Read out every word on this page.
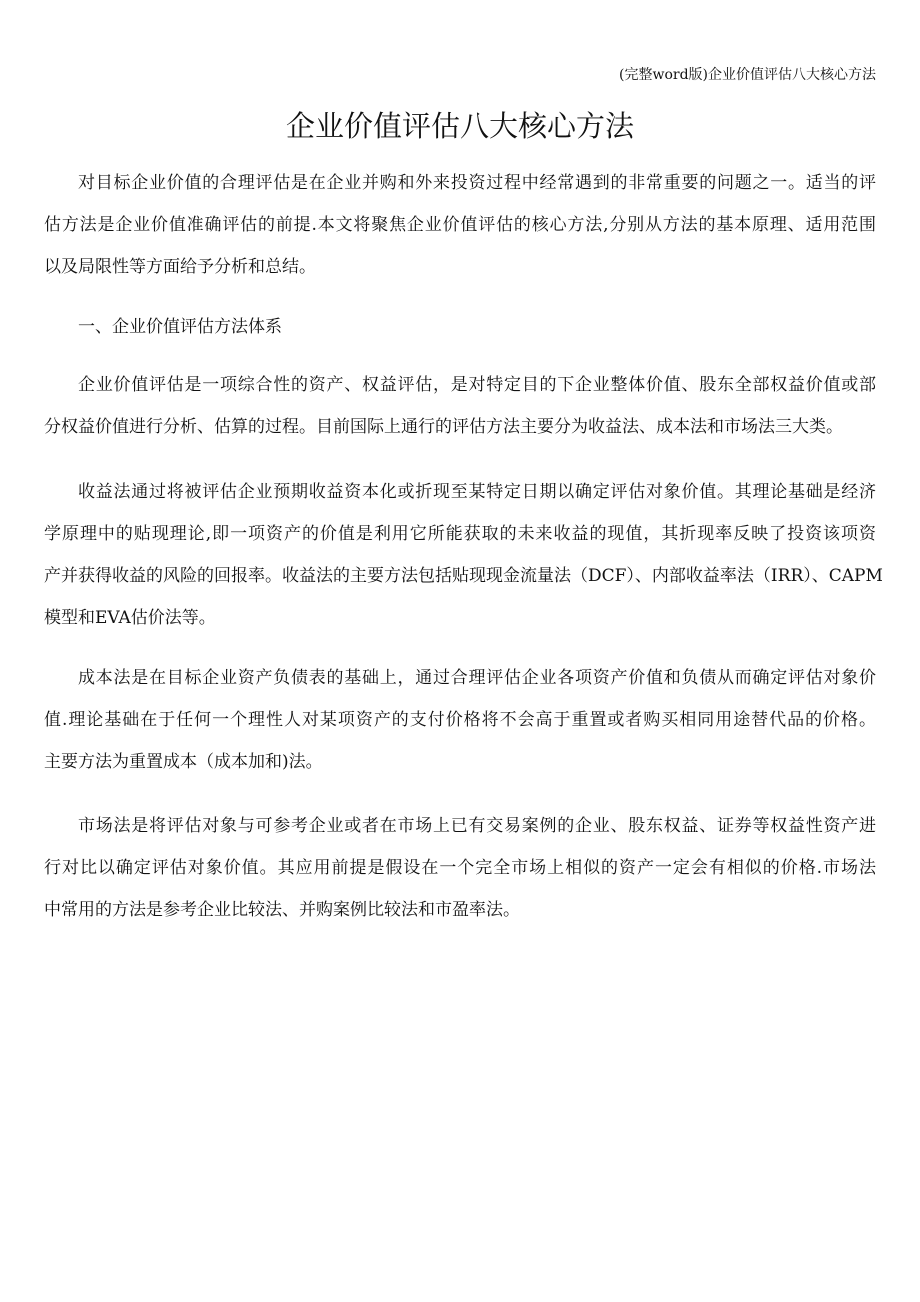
(完整word版)企业价值评估八大核心方法
企业价值评估八大核心方法
对目标企业价值的合理评估是在企业并购和外来投资过程中经常遇到的非常重要的问题之一。适当的评
估方法是企业价值准确评估的前提.本文将聚焦企业价值评估的核心方法,分别从方法的基本原理、适用范围
以及局限性等方面给予分析和总结。
一、企业价值评估方法体系
企业价值评估是一项综合性的资产、权益评估，是对特定目的下企业整体价值、股东全部权益价值或部
分权益价值进行分析、估算的过程。目前国际上通行的评估方法主要分为收益法、成本法和市场法三大类。
收益法通过将被评估企业预期收益资本化或折现至某特定日期以确定评估对象价值。其理论基础是经济
学原理中的贴现理论,即一项资产的价值是利用它所能获取的未来收益的现值，其折现率反映了投资该项资
产并获得收益的风险的回报率。收益法的主要方法包括贴现现金流量法（DCF）、内部收益率法（IRR）、CAPM
模型和EVA估价法等。
成本法是在目标企业资产负债表的基础上，通过合理评估企业各项资产价值和负债从而确定评估对象价
值.理论基础在于任何一个理性人对某项资产的支付价格将不会高于重置或者购买相同用途替代品的价格。
主要方法为重置成本（成本加和)法。
市场法是将评估对象与可参考企业或者在市场上已有交易案例的企业、股东权益、证券等权益性资产进
行对比以确定评估对象价值。其应用前提是假设在一个完全市场上相似的资产一定会有相似的价格.市场法
中常用的方法是参考企业比较法、并购案例比较法和市盈率法。
